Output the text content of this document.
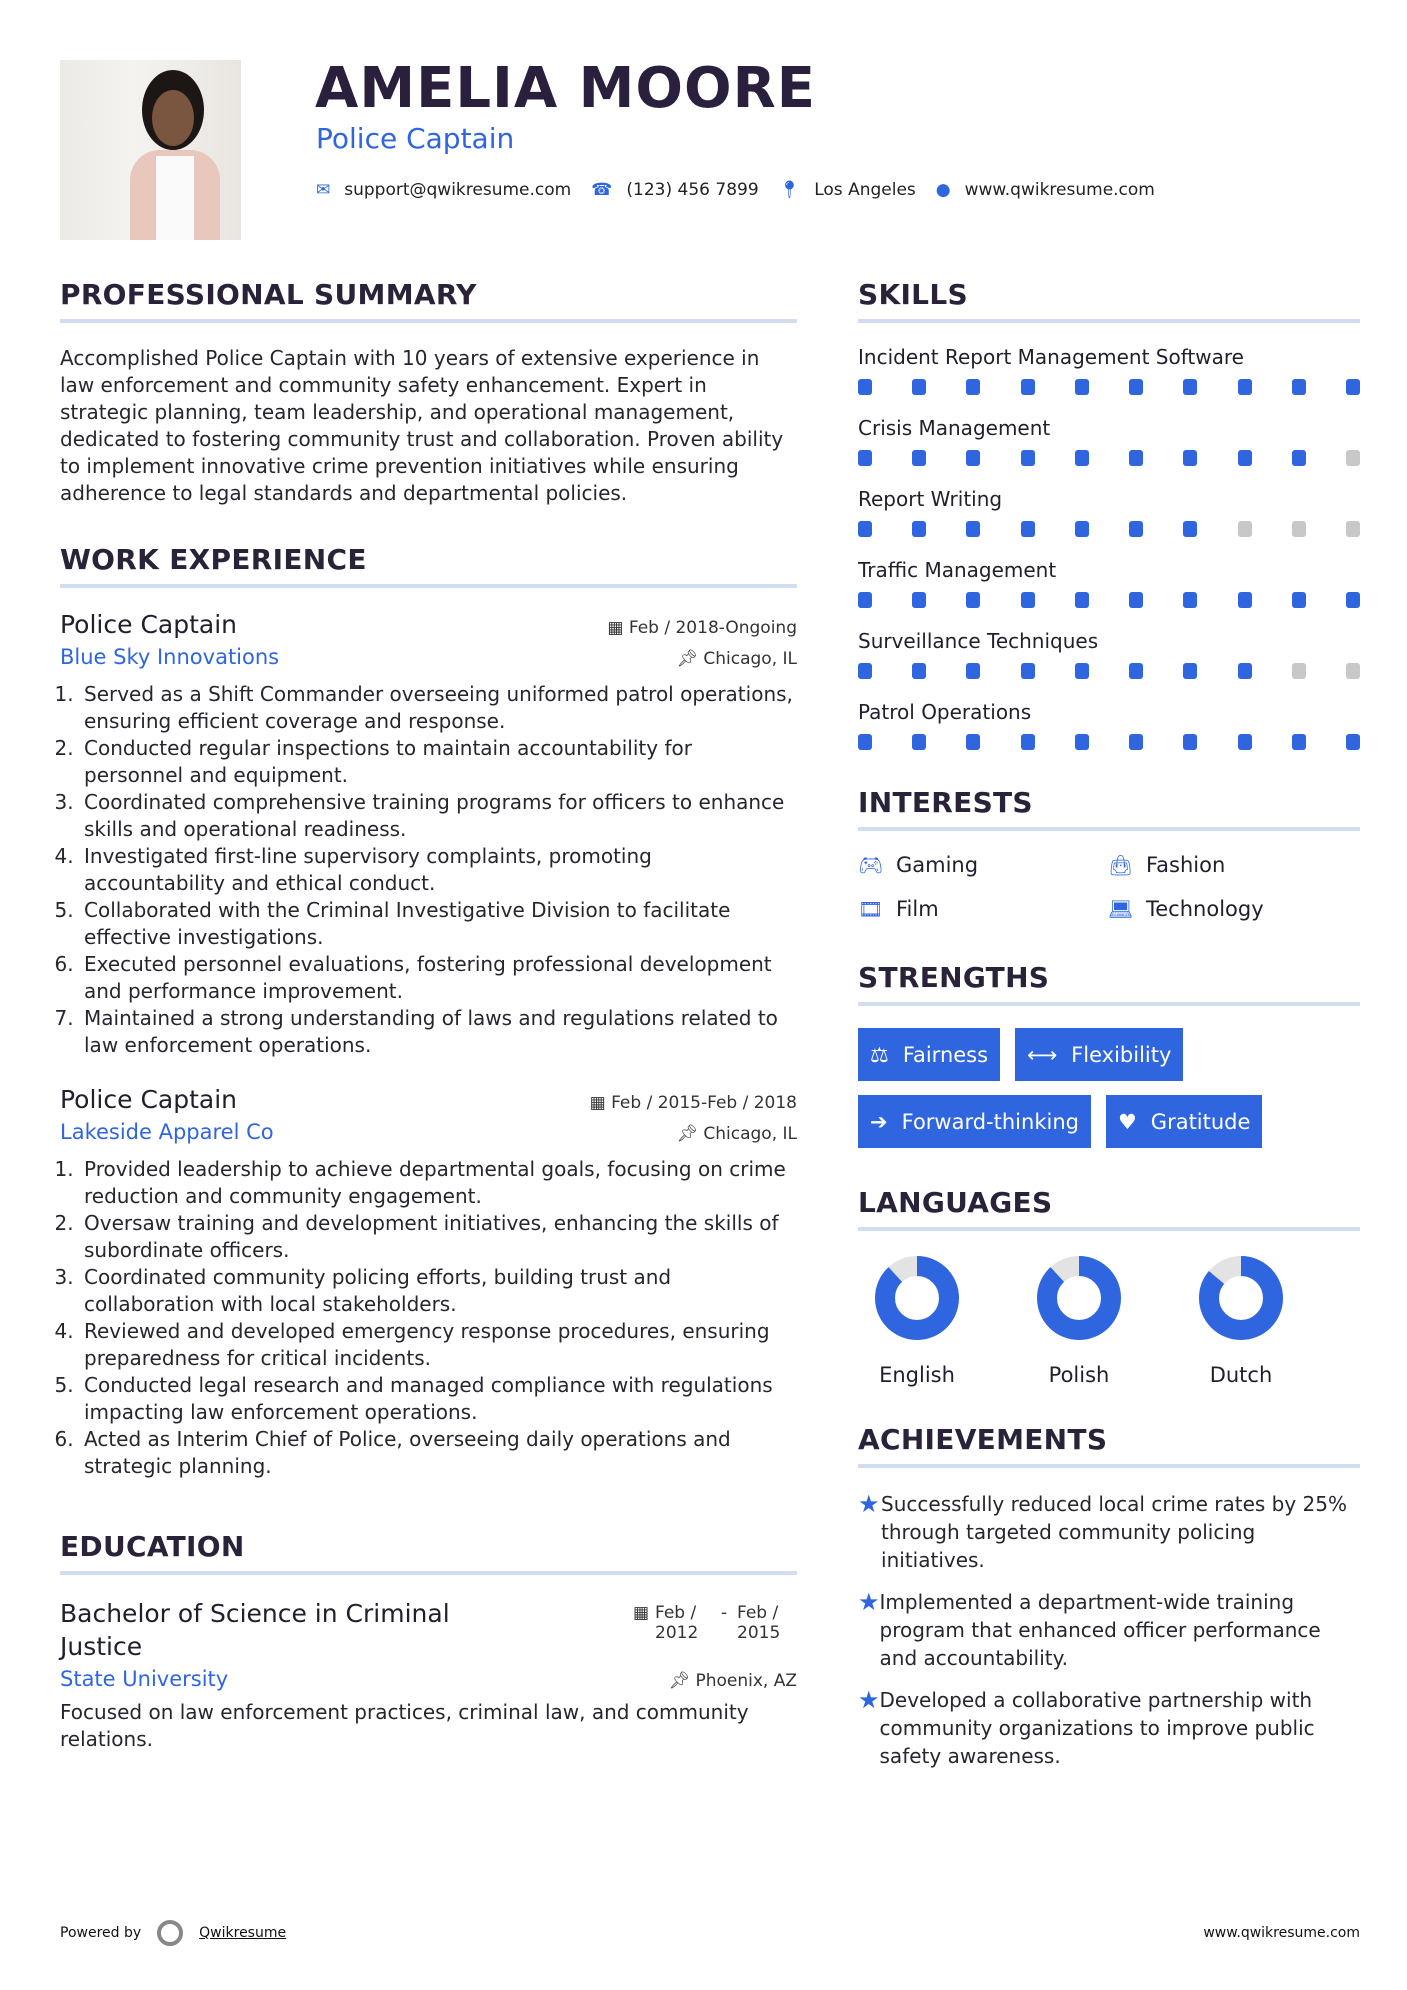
AMELIA MOORE
Police Captain
✉ support@qwikresume.com ☎ (123) 456 7899 📍︎ Los Angeles ● www.qwikresume.com
PROFESSIONAL SUMMARY

Accomplished Police Captain with 10 years of extensive experience in law enforcement and community safety enhancement. Expert in strategic planning, team leadership, and operational management, dedicated to fostering community trust and collaboration. Proven ability to implement innovative crime prevention initiatives while ensuring adherence to legal standards and departmental policies.

WORK EXPERIENCE
Police Captain	▦ Feb / 2018-Ongoing
Blue Sky Innovations	📌︎ Chicago, IL
1. Served as a Shift Commander overseeing uniformed patrol operations, ensuring efficient coverage and response.
2. Conducted regular inspections to maintain accountability for personnel and equipment.
3. Coordinated comprehensive training programs for officers to enhance skills and operational readiness.
4. Investigated first-line supervisory complaints, promoting accountability and ethical conduct.
5. Collaborated with the Criminal Investigative Division to facilitate effective investigations.
6. Executed personnel evaluations, fostering professional development and performance improvement.
7. Maintained a strong understanding of laws and regulations related to law enforcement operations.
Police Captain	▦ Feb / 2015-Feb / 2018
Lakeside Apparel Co	📌︎ Chicago, IL
1. Provided leadership to achieve departmental goals, focusing on crime reduction and community engagement.
2. Oversaw training and development initiatives, enhancing the skills of subordinate officers.
3. Coordinated community policing efforts, building trust and collaboration with local stakeholders.
4. Reviewed and developed emergency response procedures, ensuring preparedness for critical incidents.
5. Conducted legal research and managed compliance with regulations impacting law enforcement operations.
6. Acted as Interim Chief of Police, overseeing daily operations and strategic planning.
EDUCATION
Bachelor of Science in Criminal Justice
▦ Feb / 2012
- Feb / 2015
State University	📌︎ Phoenix, AZ

Focused on law enforcement practices, criminal law, and community relations.

SKILLS
Incident Report Management Software
Crisis Management
Report Writing
Traffic Management
Surveillance Techniques
Patrol Operations
INTERESTS
🎮︎ Gaming	👜︎ Fashion
🎞︎ Film	💻︎ Technology
STRENGTHS
⚖ Fairness ⟷ Flexibility
➔ Forward-thinking ♥ Gratitude
LANGUAGES
English	Polish	Dutch
ACHIEVEMENTS
★ Successfully reduced local crime rates by 25% through targeted community policing initiatives.

★ Implemented a department-wide training program that enhanced officer performance and accountability.

★ Developed a collaborative partnership with community organizations to improve public safety awareness.

Powered by	Qwikresume	www.qwikresume.com
